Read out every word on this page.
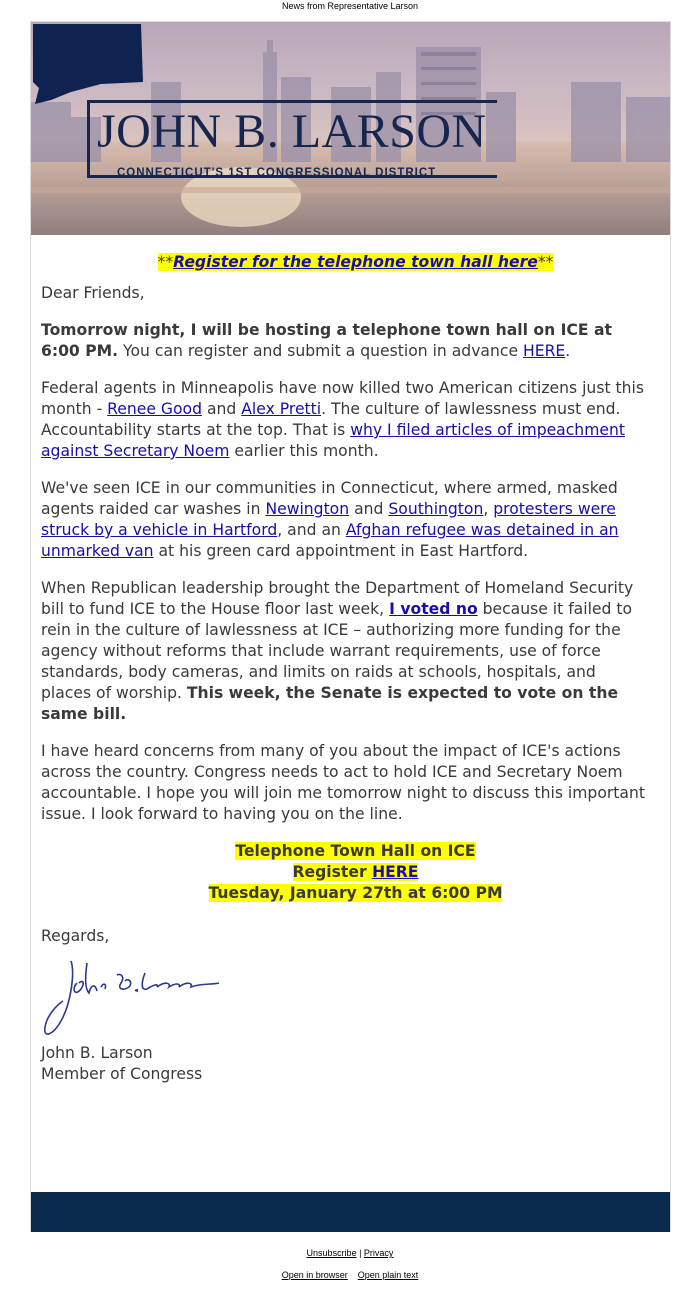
News from Representative Larson
JOHN B. LARSON
CONNECTICUT'S 1ST CONGRESSIONAL DISTRICT
**Register for the telephone town hall here**

Dear Friends,

Tomorrow night, I will be hosting a telephone town hall on ICE at 6:00 PM. You can register and submit a question in advance HERE.

Federal agents in Minneapolis have now killed two American citizens just this month - Renee Good and Alex Pretti. The culture of lawlessness must end. Accountability starts at the top. That is why I filed articles of impeachment against Secretary Noem earlier this month.

We've seen ICE in our communities in Connecticut, where armed, masked agents raided car washes in Newington and Southington, protesters were struck by a vehicle in Hartford, and an Afghan refugee was detained in an unmarked van at his green card appointment in East Hartford.

When Republican leadership brought the Department of Homeland Security bill to fund ICE to the House floor last week, I voted no because it failed to rein in the culture of lawlessness at ICE – authorizing more funding for the agency without reforms that include warrant requirements, use of force standards, body cameras, and limits on raids at schools, hospitals, and places of worship. This week, the Senate is expected to vote on the same bill.

I have heard concerns from many of you about the impact of ICE's actions across the country. Congress needs to act to hold ICE and Secretary Noem accountable. I hope you will join me tomorrow night to discuss this important issue. I look forward to having you on the line.

Telephone Town Hall on ICE
Register HERE
Tuesday, January 27th at 6:00 PM

Regards,

John B. Larson

Member of Congress

Unsubscribe | Privacy
Open in browser Open plain text
